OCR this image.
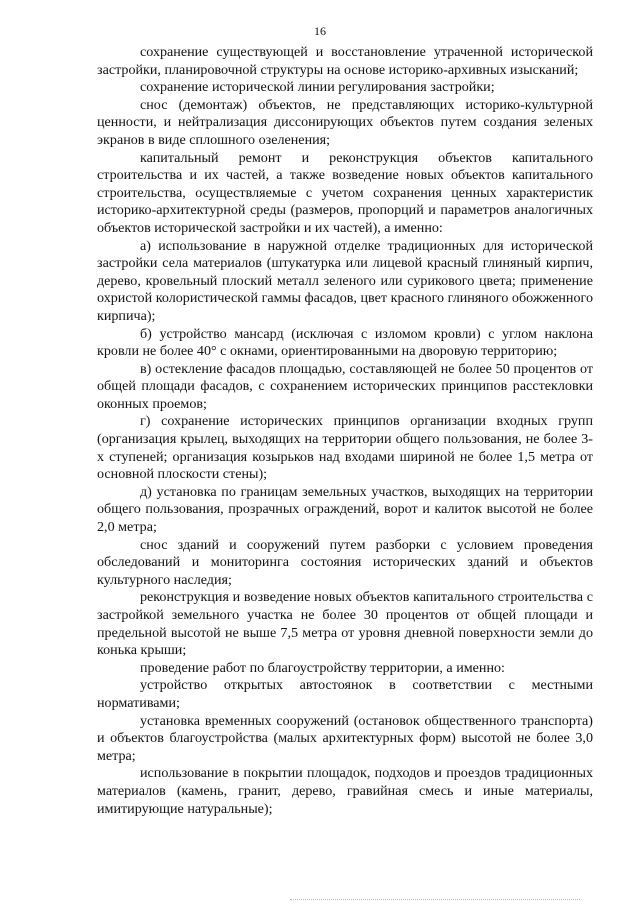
16

сохранение существующей и восстановление утраченной исторической застройки, планировочной структуры на основе историко-архивных изысканий;

сохранение исторической линии регулирования застройки;

снос (демонтаж) объектов, не представляющих историко-культурной ценности, и нейтрализация диссонирующих объектов путем создания зеленых экранов в виде сплошного озеленения;

капитальный ремонт и реконструкция объектов капитального строительства и их частей, а также возведение новых объектов капитального строительства, осуществляемые с учетом сохранения ценных характеристик историко-архитектурной среды (размеров, пропорций и параметров аналогичных объектов исторической застройки и их частей), а именно:

а) использование в наружной отделке традиционных для исторической застройки села материалов (штукатурка или лицевой красный глиняный кирпич, дерево, кровельный плоский металл зеленого или сурикового цвета; применение охристой колористической гаммы фасадов, цвет красного глиняного обожженного кирпича);

б) устройство мансард (исключая с изломом кровли) с углом наклона кровли не более 40° с окнами, ориентированными на дворовую территорию;

в) остекление фасадов площадью, составляющей не более 50 процентов от общей площади фасадов, с сохранением исторических принципов расстекловки оконных проемов;

г) сохранение исторических принципов организации входных групп (организация крылец, выходящих на территории общего пользования, не более 3-х ступеней; организация козырьков над входами шириной не более 1,5 метра от основной плоскости стены);

д) установка по границам земельных участков, выходящих на территории общего пользования, прозрачных ограждений, ворот и калиток высотой не более 2,0 метра;

снос зданий и сооружений путем разборки с условием проведения обследований и мониторинга состояния исторических зданий и объектов культурного наследия;

реконструкция и возведение новых объектов капитального строительства с застройкой земельного участка не более 30 процентов от общей площади и предельной высотой не выше 7,5 метра от уровня дневной поверхности земли до конька крыши;

проведение работ по благоустройству территории, а именно:

устройство открытых автостоянок в соответствии с местными нормативами;

установка временных сооружений (остановок общественного транспорта) и объектов благоустройства (малых архитектурных форм) высотой не более 3,0 метра;

использование в покрытии площадок, подходов и проездов традиционных материалов (камень, гранит, дерево, гравийная смесь и иные материалы, имитирующие натуральные);
